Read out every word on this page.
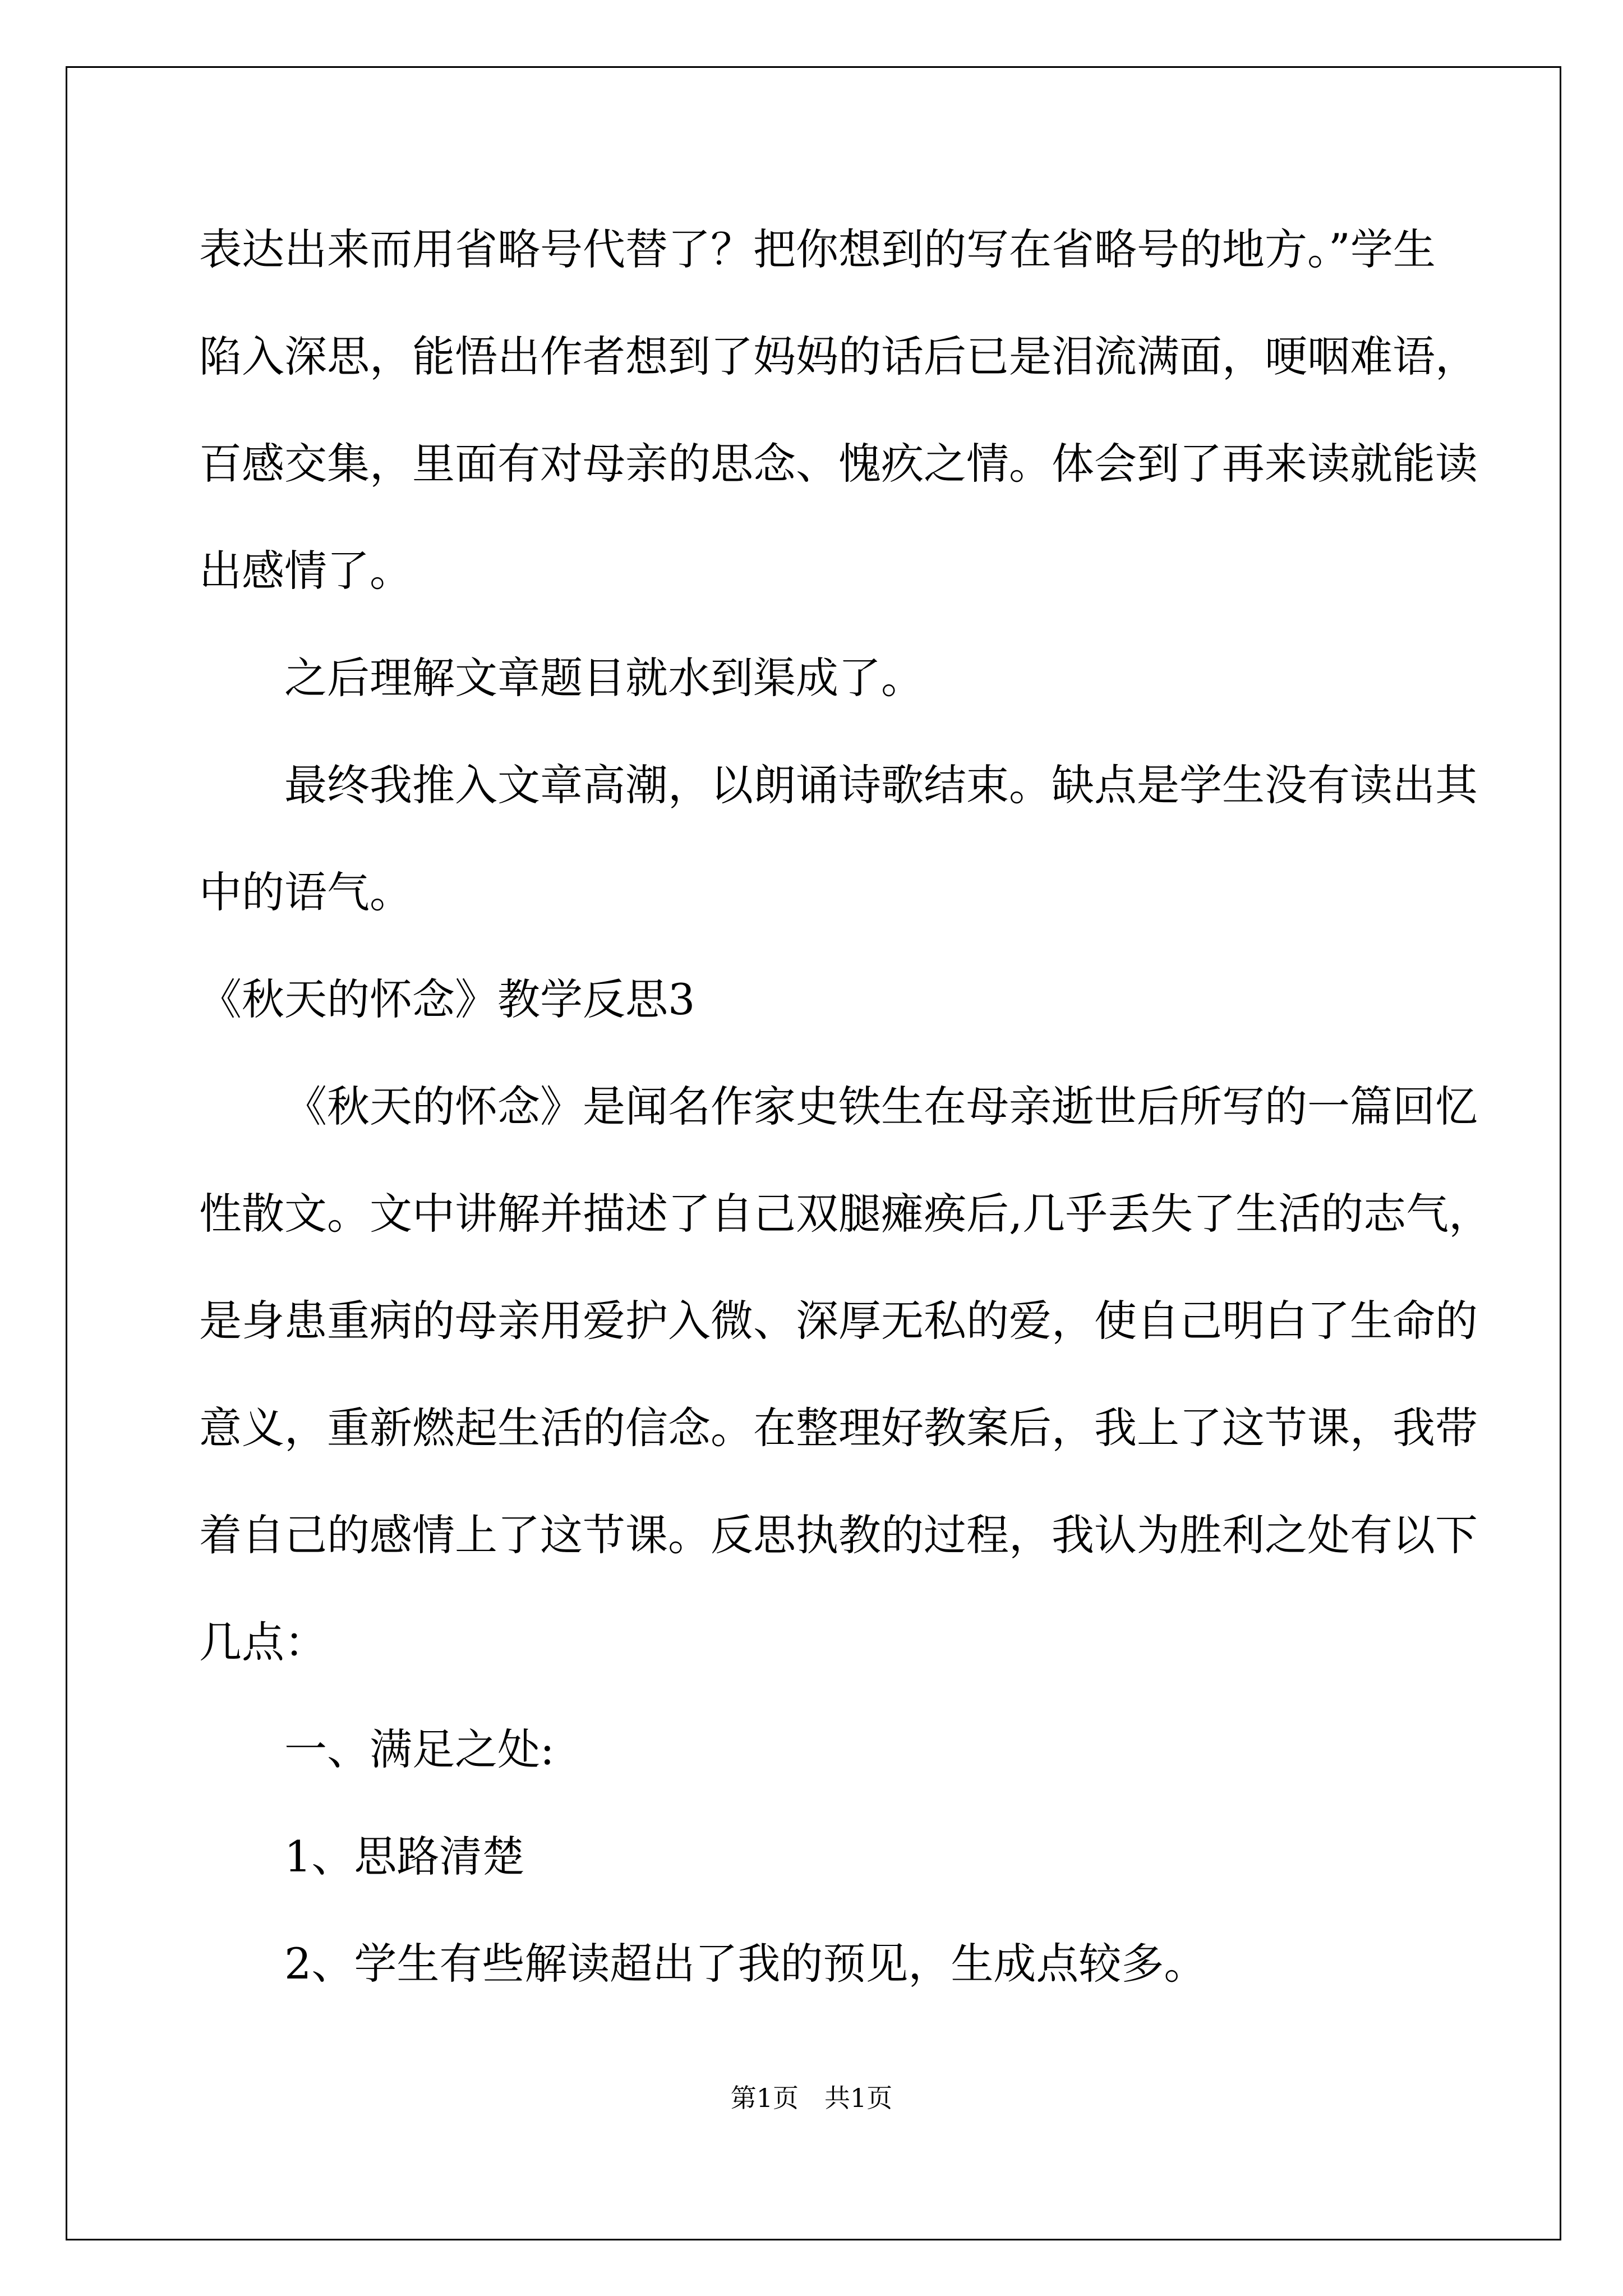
表达出来而用省略号代替了？把你想到的写在省略号的地方。”学生
陷入深思，能悟出作者想到了妈妈的话后已是泪流满面，哽咽难语，
百感交集，里面有对母亲的思念、愧疚之情。体会到了再来读就能读
出感情了。
之后理解文章题目就水到渠成了。
最终我推入文章高潮，以朗诵诗歌结束。缺点是学生没有读出其
中的语气。
《秋天的怀念》教学反思3
《秋天的怀念》是闻名作家史铁生在母亲逝世后所写的一篇回忆
性散文。文中讲解并描述了自己双腿瘫痪后,几乎丢失了生活的志气，
是身患重病的母亲用爱护入微、深厚无私的爱，使自己明白了生命的
意义，重新燃起生活的信念。在整理好教案后，我上了这节课，我带
着自己的感情上了这节课。反思执教的过程，我认为胜利之处有以下
几点：
一、满足之处:
1、思路清楚
2、学生有些解读超出了我的预见，生成点较多。
第1页　共1页
